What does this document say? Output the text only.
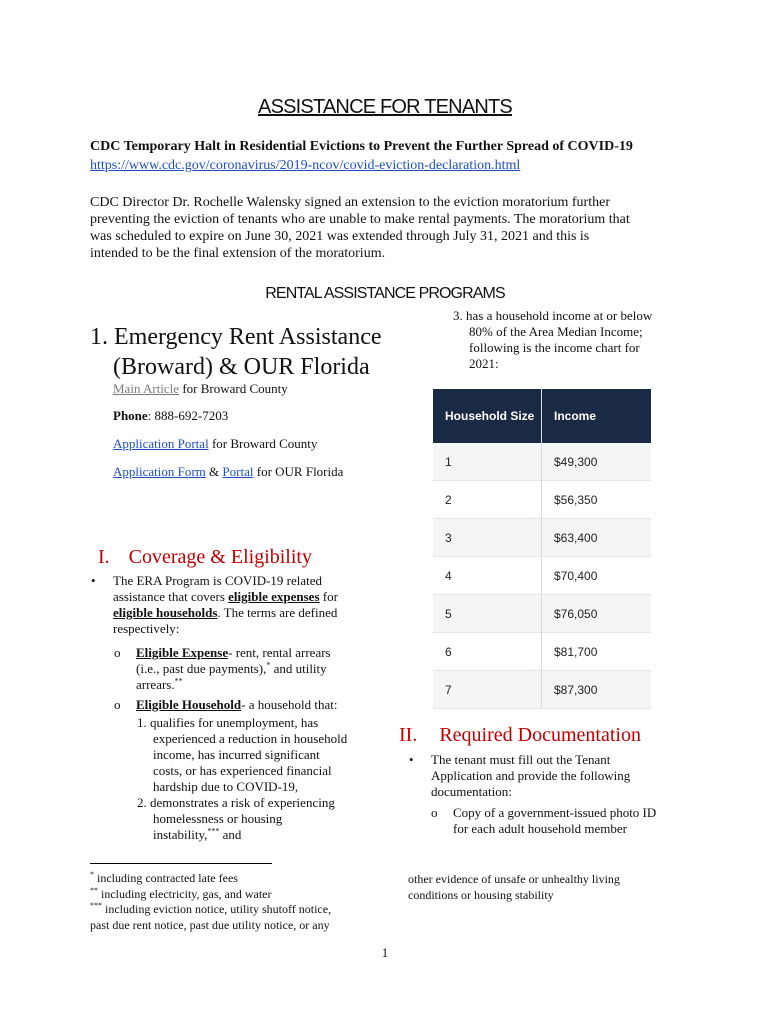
ASSISTANCE FOR TENANTS
CDC Temporary Halt in Residential Evictions to Prevent the Further Spread of COVID-19
https://www.cdc.gov/coronavirus/2019-ncov/covid-eviction-declaration.html
CDC Director Dr. Rochelle Walensky signed an extension to the eviction moratorium further
preventing the eviction of tenants who are unable to make rental payments. The moratorium that
was scheduled to expire on June 30, 2021 was extended through July 31, 2021 and this is
intended to be the final extension of the moratorium.
RENTAL ASSISTANCE PROGRAMS
1. Emergency Rent Assistance
(Broward) & OUR Florida
Main Article for Broward County
Phone: 888-692-7203
Application Portal for Broward County
Application Form & Portal for OUR Florida
I. Coverage & Eligibility
• The ERA Program is COVID-19 related
assistance that covers eligible expenses for
eligible households. The terms are defined
respectively:
o Eligible Expense- rent, rental arrears
(i.e., past due payments),* and utility
arrears.**
o Eligible Household- a household that:
1. qualifies for unemployment, has
experienced a reduction in household
income, has incurred significant
costs, or has experienced financial
hardship due to COVID-19,
2. demonstrates a risk of experiencing
homelessness or housing
instability,*** and
3. has a household income at or below
80% of the Area Median Income;
following is the income chart for
2021:
Household Size	Income
1	$49,300
2	$56,350
3	$63,400
4	$70,400
5	$76,050
6	$81,700
7	$87,300
II. Required Documentation
• The tenant must fill out the Tenant
Application and provide the following
documentation:
o Copy of a government-issued photo ID
for each adult household member
* including contracted late fees
** including electricity, gas, and water
*** including eviction notice, utility shutoff notice,
past due rent notice, past due utility notice, or any
other evidence of unsafe or unhealthy living
conditions or housing stability
1
